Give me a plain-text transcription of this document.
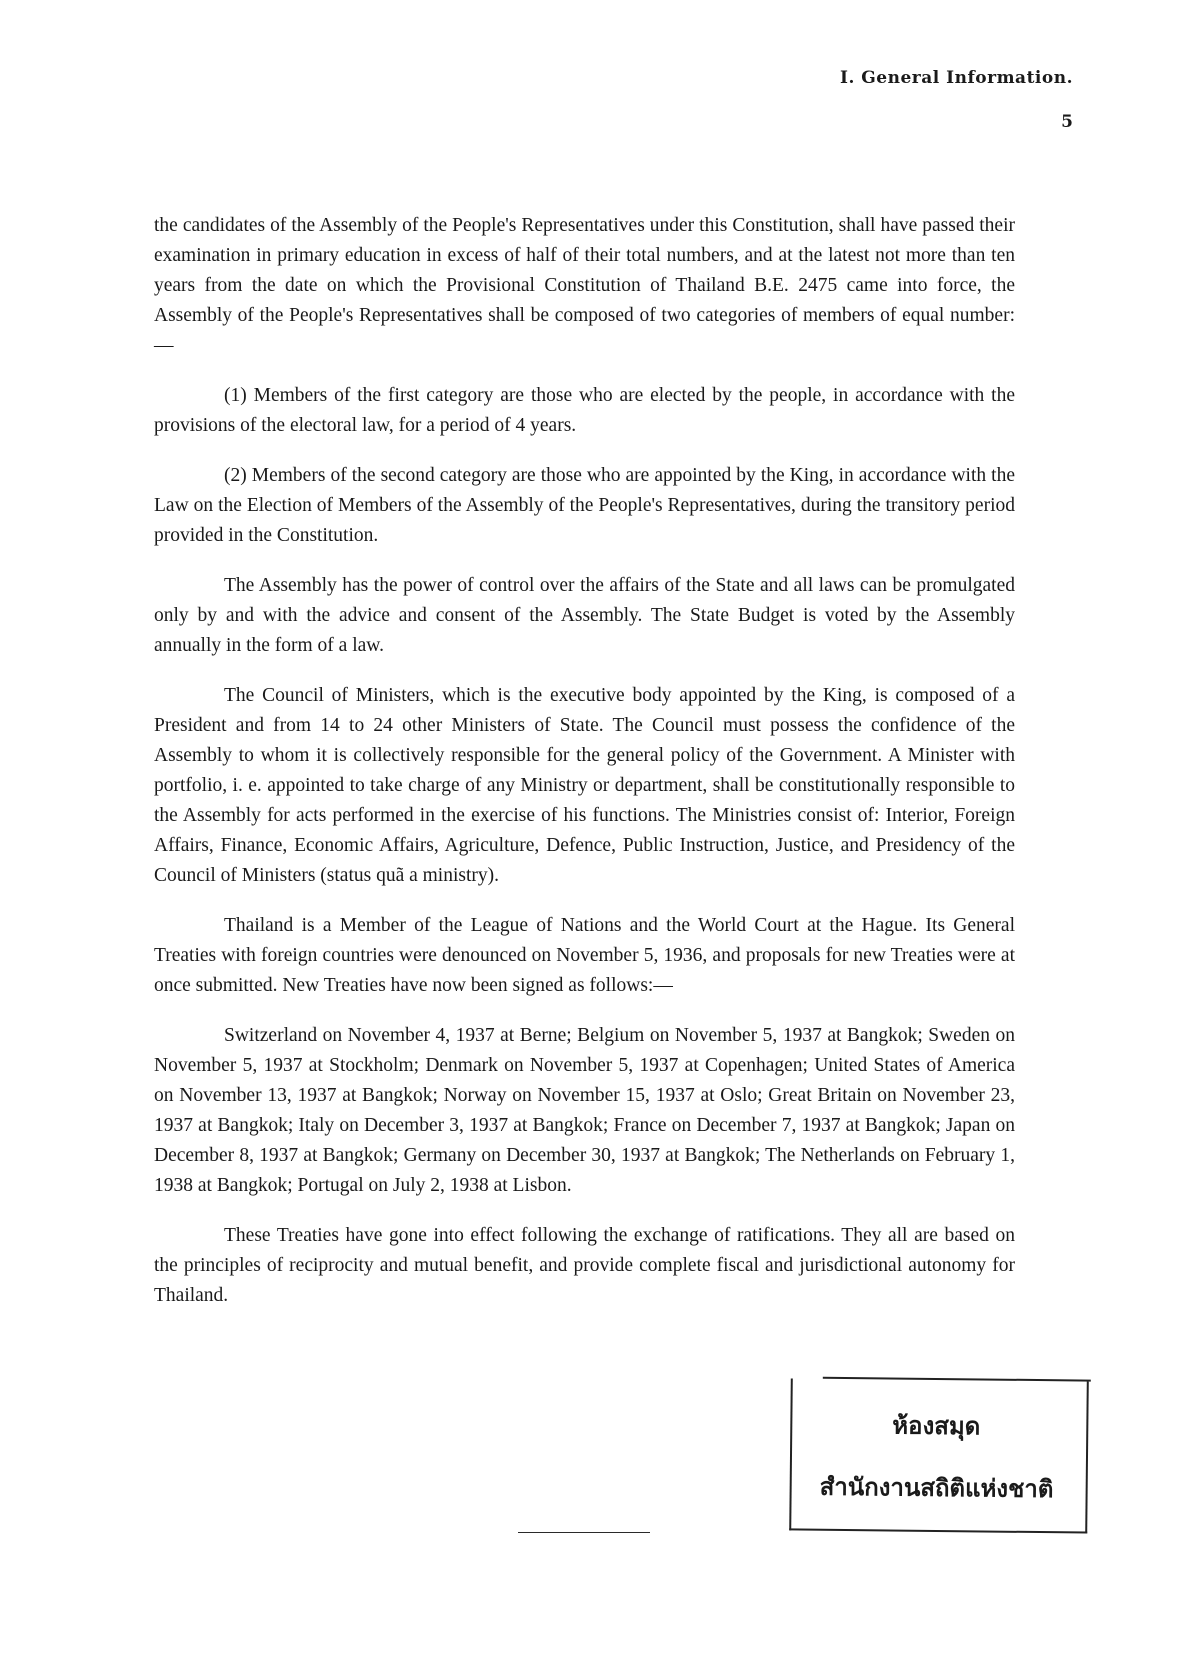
I. General Information.
5

the candidates of the Assembly of the People's Representatives under this Constitution, shall have passed their examination in primary education in excess of half of their total numbers, and at the latest not more than ten years from the date on which the Provisional Constitution of Thailand B.E. 2475 came into force, the Assembly of the People's Representatives shall be composed of two categories of members of equal number:—

(1) Members of the first category are those who are elected by the people, in accordance with the provisions of the electoral law, for a period of 4 years.

(2) Members of the second category are those who are appointed by the King, in accordance with the Law on the Election of Members of the Assembly of the People's Representatives, during the transitory period provided in the Constitution.

The Assembly has the power of control over the affairs of the State and all laws can be promulgated only by and with the advice and consent of the Assembly. The State Budget is voted by the Assembly annually in the form of a law.

The Council of Ministers, which is the executive body appointed by the King, is composed of a President and from 14 to 24 other Ministers of State. The Council must possess the confidence of the Assembly to whom it is collectively responsible for the general policy of the Government. A Minister with portfolio, i. e. appointed to take charge of any Ministry or department, shall be constitutionally responsible to the Assembly for acts performed in the exercise of his functions. The Ministries consist of: Interior, Foreign Affairs, Finance, Economic Affairs, Agriculture, Defence, Public Instruction, Justice, and Presidency of the Council of Ministers (status quã a ministry).

Thailand is a Member of the League of Nations and the World Court at the Hague. Its General Treaties with foreign countries were denounced on November 5, 1936, and proposals for new Treaties were at once submitted. New Treaties have now been signed as follows:—

Switzerland on November 4, 1937 at Berne; Belgium on November 5, 1937 at Bangkok; Sweden on November 5, 1937 at Stockholm; Denmark on November 5, 1937 at Copenhagen; United States of America on November 13, 1937 at Bangkok; Norway on November 15, 1937 at Oslo; Great Britain on November 23, 1937 at Bangkok; Italy on December 3, 1937 at Bangkok; France on December 7, 1937 at Bangkok; Japan on December 8, 1937 at Bangkok; Germany on December 30, 1937 at Bangkok; The Netherlands on February 1, 1938 at Bangkok; Portugal on July 2, 1938 at Lisbon.

These Treaties have gone into effect following the exchange of ratifications. They all are based on the principles of reciprocity and mutual benefit, and provide complete fiscal and jurisdictional autonomy for Thailand.

ห้องสมุด
สำนักงานสถิติแห่งชาติ
